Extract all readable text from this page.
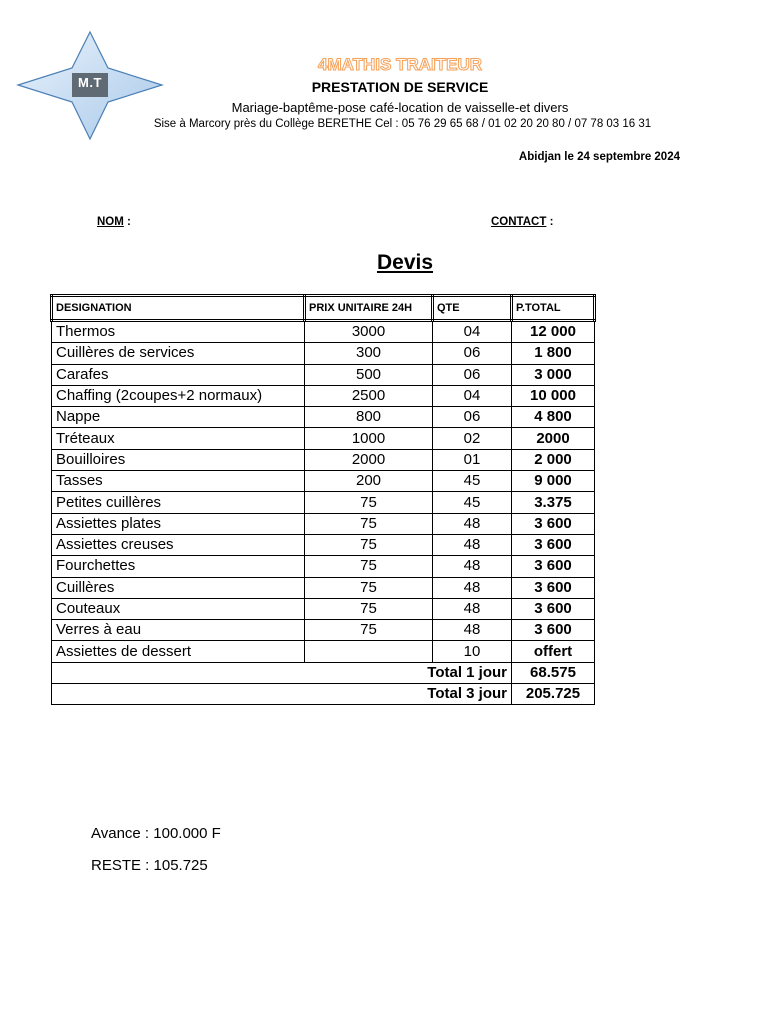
M.T
4MATHIS TRAITEUR
PRESTATION DE SERVICE
Mariage-baptême-pose café-location de vaisselle-et divers
Sise à Marcory près du Collège BERETHE Cel : 05 76 29 65 68 / 01 02 20 20 80 / 07 78 03 16 31
Abidjan le 24 septembre 2024
NOM :	CONTACT :
Devis
DESIGNATION	PRIX UNITAIRE 24H	QTE	P.TOTAL
Thermos	3000	04	12 000
Cuillères de services	300	06	1 800
Carafes	500	06	3 000
Chaffing (2coupes+2 normaux)	2500	04	10 000
Nappe	800	06	4 800
Tréteaux	1000	02	2000
Bouilloires	2000	01	2 000
Tasses	200	45	9 000
Petites cuillères	75	45	3.375
Assiettes plates	75	48	3 600
Assiettes creuses	75	48	3 600
Fourchettes	75	48	3 600
Cuillères	75	48	3 600
Couteaux	75	48	3 600
Verres à eau	75	48	3 600
Assiettes de dessert		10	offert
Total 1 jour			68.575
Total 3 jour			205.725
Avance : 100.000 F
RESTE : 105.725
